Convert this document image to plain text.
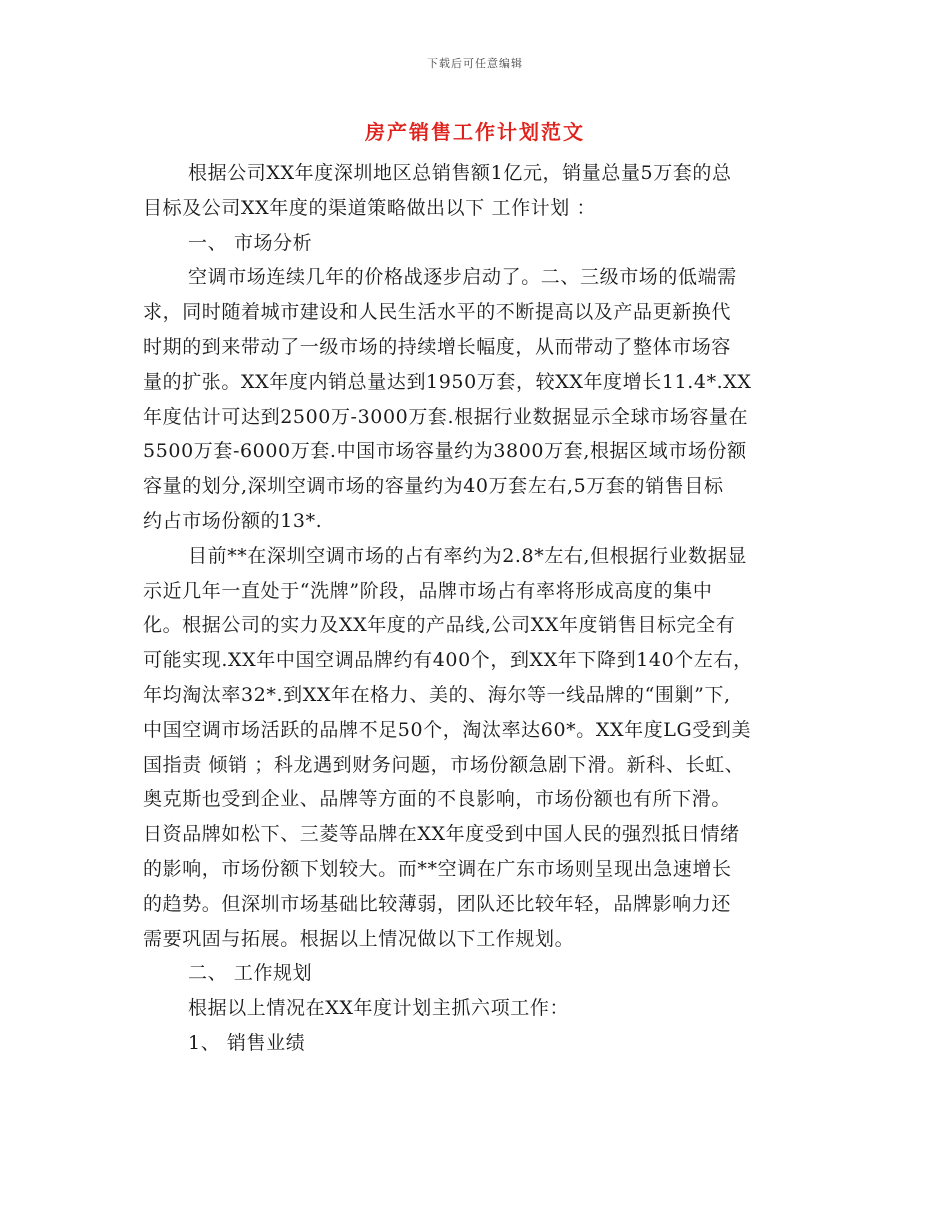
下载后可任意编辑
房产销售工作计划范文
根据公司XX年度深圳地区总销售额1亿元，销量总量5万套的总
目标及公司XX年度的渠道策略做出以下 工作计划 ：
一、 市场分析
空调市场连续几年的价格战逐步启动了。二、三级市场的低端需
求，同时随着城市建设和人民生活水平的不断提高以及产品更新换代
时期的到来带动了一级市场的持续增长幅度，从而带动了整体市场容
量的扩张。XX年度内销总量达到1950万套，较XX年度增长11.4*.XX
年度估计可达到2500万-3000万套.根据行业数据显示全球市场容量在
5500万套-6000万套.中国市场容量约为3800万套,根据区域市场份额
容量的划分,深圳空调市场的容量约为40万套左右,5万套的销售目标
约占市场份额的13*.
目前**在深圳空调市场的占有率约为2.8*左右,但根据行业数据显
示近几年一直处于“洗牌”阶段，品牌市场占有率将形成高度的集中
化。根据公司的实力及XX年度的产品线,公司XX年度销售目标完全有
可能实现.XX年中国空调品牌约有400个，到XX年下降到140个左右，
年均淘汰率32*.到XX年在格力、美的、海尔等一线品牌的“围剿”下,
中国空调市场活跃的品牌不足50个，淘汰率达60*。XX年度LG受到美
国指责 倾销 ；科龙遇到财务问题，市场份额急剧下滑。新科、长虹、
奥克斯也受到企业、品牌等方面的不良影响，市场份额也有所下滑。
日资品牌如松下、三菱等品牌在XX年度受到中国人民的强烈抵日情绪
的影响，市场份额下划较大。而**空调在广东市场则呈现出急速增长
的趋势。但深圳市场基础比较薄弱，团队还比较年轻，品牌影响力还
需要巩固与拓展。根据以上情况做以下工作规划。
二、 工作规划
根据以上情况在XX年度计划主抓六项工作：
1、 销售业绩
